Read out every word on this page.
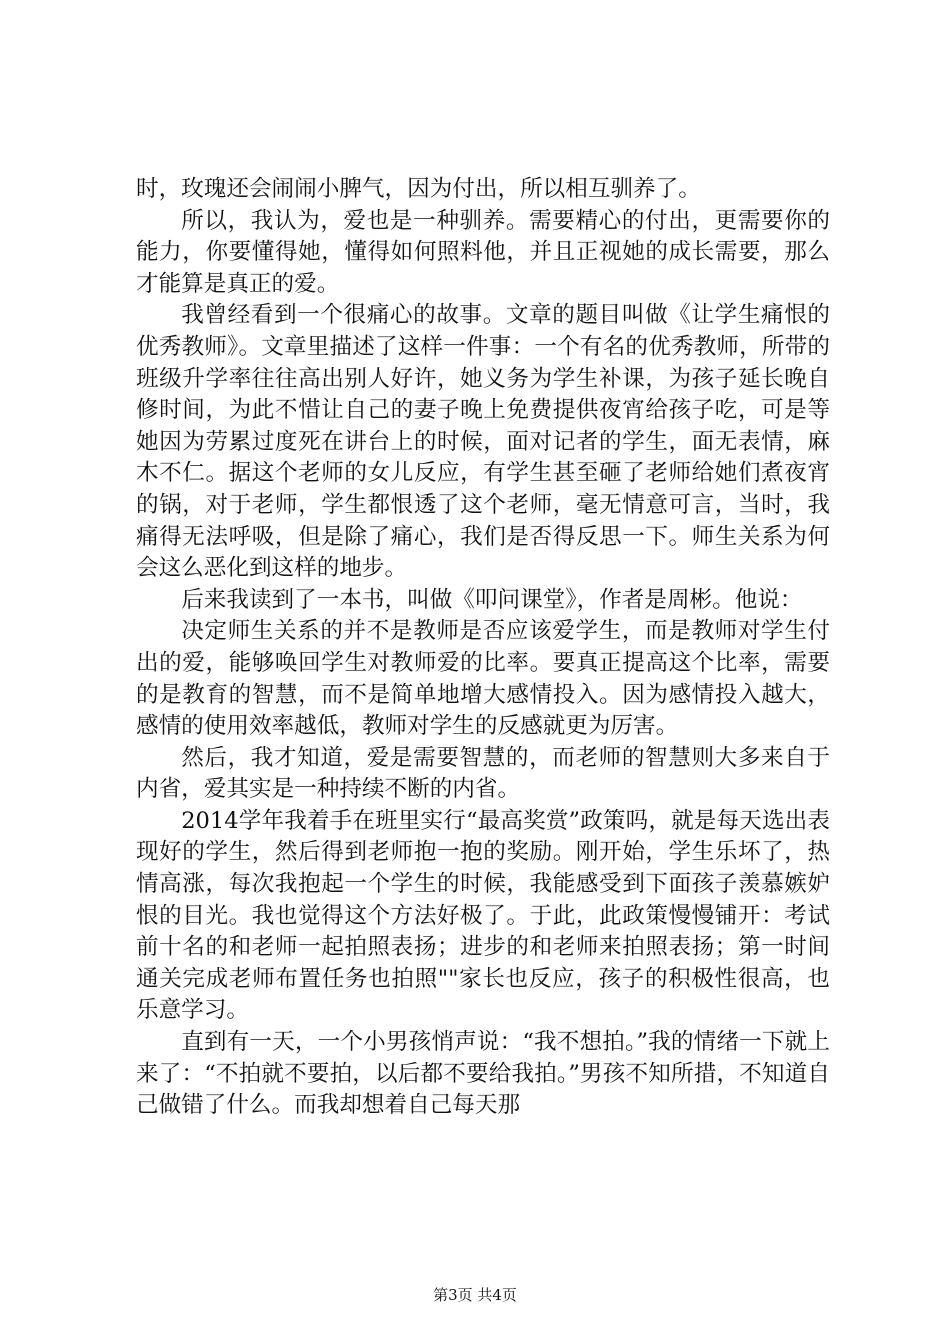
时，玫瑰还会闹闹小脾气，因为付出，所以相互驯养了。

所以，我认为，爱也是一种驯养。需要精心的付出，更需要你的能力，你要懂得她，懂得如何照料他，并且正视她的成长需要，那么才能算是真正的爱。

我曾经看到一个很痛心的故事。文章的题目叫做《让学生痛恨的优秀教师》。文章里描述了这样一件事：一个有名的优秀教师，所带的班级升学率往往高出别人好许，她义务为学生补课，为孩子延长晚自修时间，为此不惜让自己的妻子晚上免费提供夜宵给孩子吃，可是等她因为劳累过度死在讲台上的时候，面对记者的学生，面无表情，麻木不仁。据这个老师的女儿反应，有学生甚至砸了老师给她们煮夜宵的锅，对于老师，学生都恨透了这个老师，毫无情意可言，当时，我痛得无法呼吸，但是除了痛心，我们是否得反思一下。师生关系为何会这么恶化到这样的地步。

后来我读到了一本书，叫做《叩问课堂》，作者是周彬。他说：

决定师生关系的并不是教师是否应该爱学生，而是教师对学生付出的爱，能够唤回学生对教师爱的比率。要真正提高这个比率，需要的是教育的智慧，而不是简单地增大感情投入。因为感情投入越大，感情的使用效率越低，教师对学生的反感就更为厉害。

然后，我才知道，爱是需要智慧的，而老师的智慧则大多来自于内省，爱其实是一种持续不断的内省。

2014学年我着手在班里实行“最高奖赏”政策吗，就是每天选出表现好的学生，然后得到老师抱一抱的奖励。刚开始，学生乐坏了，热情高涨，每次我抱起一个学生的时候，我能感受到下面孩子羡慕嫉妒恨的目光。我也觉得这个方法好极了。于此，此政策慢慢铺开：考试前十名的和老师一起拍照表扬；进步的和老师来拍照表扬；第一时间通关完成老师布置任务也拍照""家长也反应，孩子的积极性很高，也乐意学习。

直到有一天，一个小男孩悄声说：“我不想拍。”我的情绪一下就上来了：“不拍就不要拍，以后都不要给我拍。”男孩不知所措，不知道自己做错了什么。而我却想着自己每天那

第3页 共4页
